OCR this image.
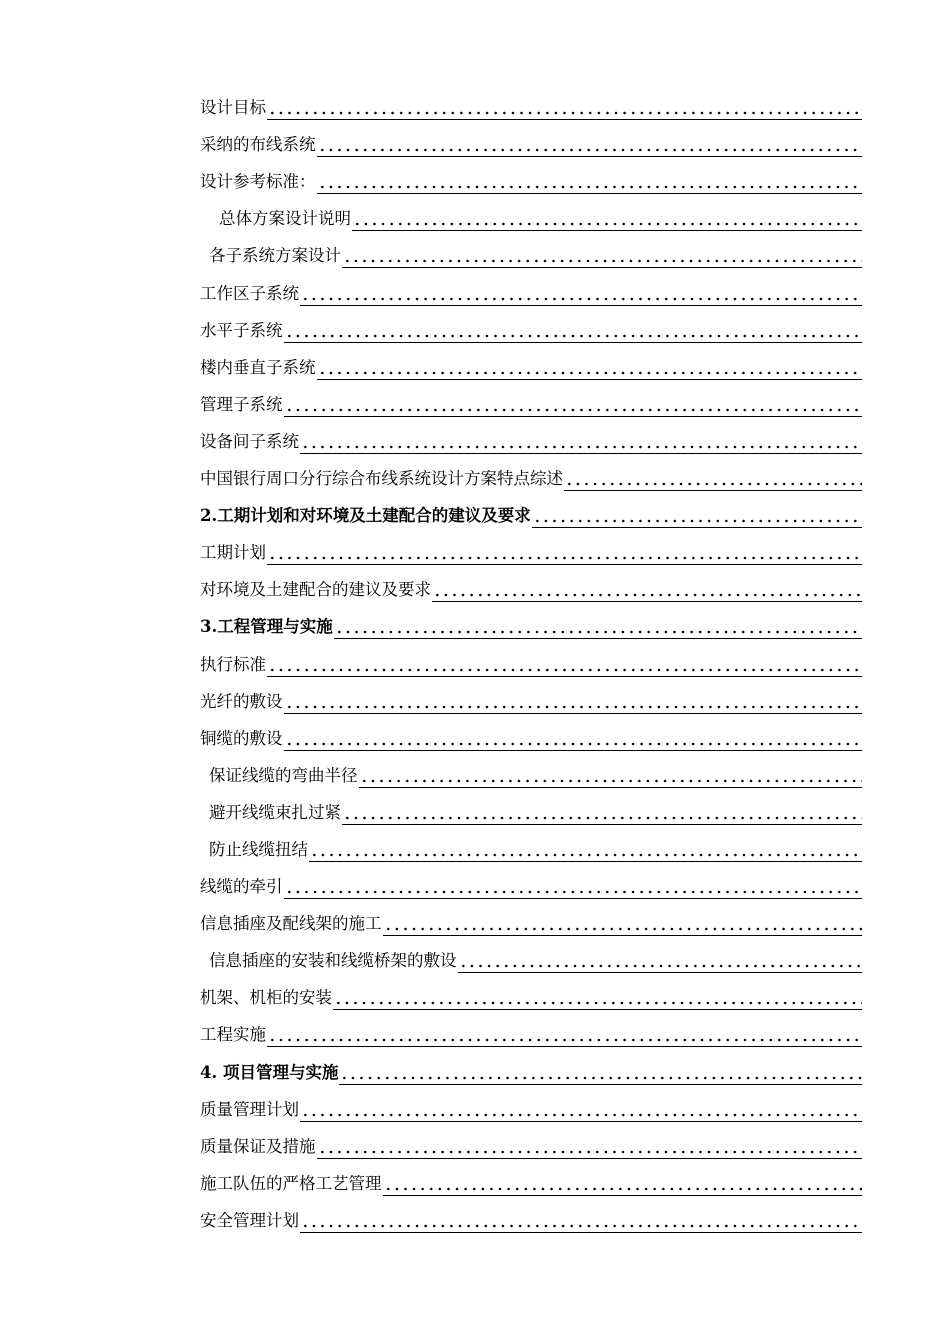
设计目标
采纳的布线系统
设计参考标准：
总体方案设计说明
各子系统方案设计
工作区子系统
水平子系统
楼内垂直子系统
管理子系统
设备间子系统
中国银行周口分行综合布线系统设计方案特点综述
2.工期计划和对环境及土建配合的建议及要求
工期计划
对环境及土建配合的建议及要求
3.工程管理与实施
执行标准
光纤的敷设
铜缆的敷设
保证线缆的弯曲半径
避开线缆束扎过紧
防止线缆扭结
线缆的牵引
信息插座及配线架的施工
信息插座的安装和线缆桥架的敷设
机架、机柜的安装
工程实施
4. 项目管理与实施
质量管理计划
质量保证及措施
施工队伍的严格工艺管理
安全管理计划
